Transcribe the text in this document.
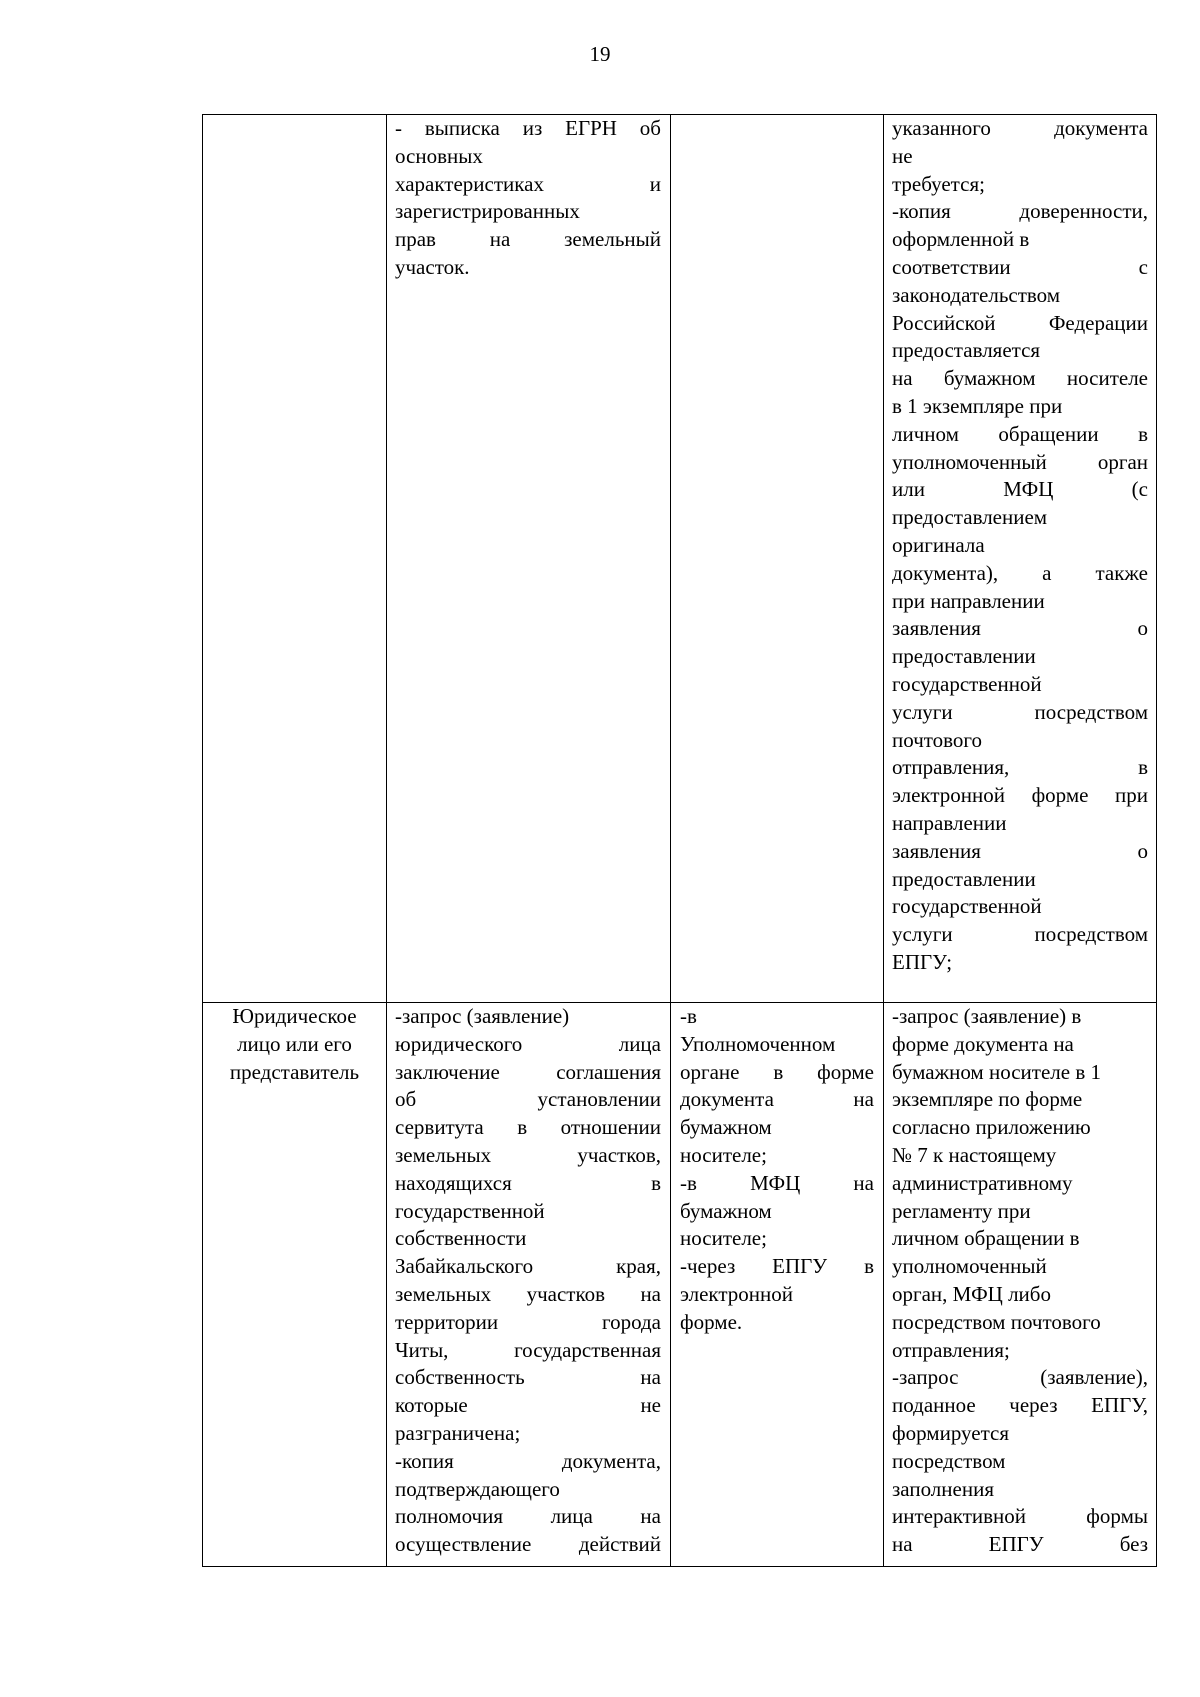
19
- выписка из ЕГРН об
основных
характеристиках и
зарегистрированных
прав на земельный
участок.
указанного документа
не
требуется;
-копия доверенности,
оформленной в
соответствии с
законодательством
Российской Федерации
предоставляется
на бумажном носителе
в 1 экземпляре при
личном обращении в
уполномоченный орган
или МФЦ (с
предоставлением
оригинала
документа), а также
при направлении
заявления о
предоставлении
государственной
услуги посредством
почтового
отправления, в
электронной форме при
направлении
заявления о
предоставлении
государственной
услуги посредством
ЕПГУ;
Юридическое
лицо или его
представитель
-запрос (заявление)
юридического лица
заключение соглашения
об установлении
сервитута в отношении
земельных участков,
находящихся в
государственной
собственности
Забайкальского края,
земельных участков на
территории города
Читы, государственная
собственность на
которые не
разграничена;
-копия документа,
подтверждающего
полномочия лица на
осуществление действий
-в
Уполномоченном
органе в форме
документа на
бумажном
носителе;
-в МФЦ на
бумажном
носителе;
-через ЕПГУ в
электронной
форме.
-запрос (заявление) в
форме документа на
бумажном носителе в 1
экземпляре по форме
согласно приложению
№ 7 к настоящему
административному
регламенту при
личном обращении в
уполномоченный
орган, МФЦ либо
посредством почтового
отправления;
-запрос (заявление),
поданное через ЕПГУ,
формируется
посредством
заполнения
интерактивной формы
на ЕПГУ без
